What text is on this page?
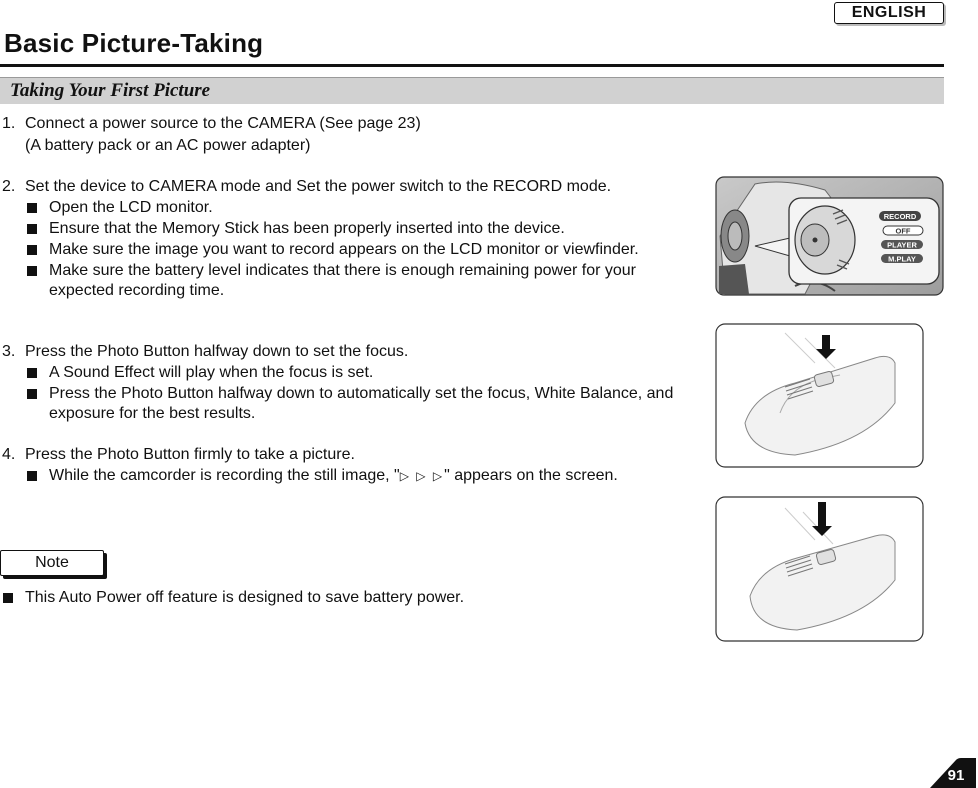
ENGLISH
Basic Picture-Taking
Taking Your First Picture
1. Connect a power source to the CAMERA (See page 23)
(A battery pack or an AC power adapter)
2. Set the device to CAMERA mode and Set the power switch to the RECORD mode.
Open the LCD monitor.
Ensure that the Memory Stick has been properly inserted into the device.
Make sure the image you want to record appears on the LCD monitor or viewfinder.
Make sure the battery level indicates that there is enough remaining power for your expected recording time.
3. Press the Photo Button halfway down to set the focus.
A Sound Effect will play when the focus is set.
Press the Photo Button halfway down to automatically set the focus, White Balance, and exposure for the best results.
4. Press the Photo Button firmly to take a picture.
While the camcorder is recording the still image, "▷ ▷ ▷" appears on the screen.
Note
This Auto Power off feature is designed to save battery power.
RECORD
OFF
PLAYER
M.PLAY
91
